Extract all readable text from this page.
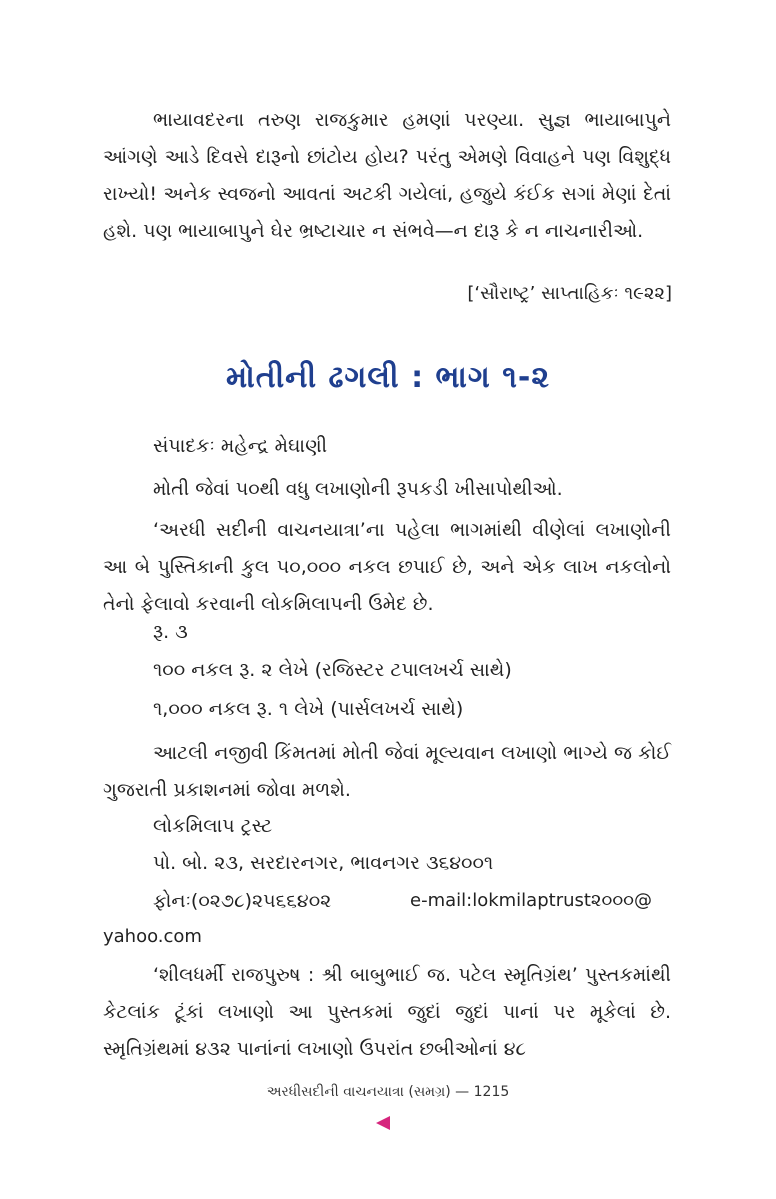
ભાયાવદરના તરુણ રાજકુમાર હમણાં પરણ્યા. સુજ્ઞ ભાયાબાપુને આંગણે આડે દિવસે દારૂનો છાંટોય હોય? પરંતુ એમણે વિવાહને પણ વિશુદ્ધ રાખ્યો! અનેક સ્વજનો આવતાં અટકી ગયેલાં, હજુયે કંઈક સગાં મેણાં દેતાં હશે. પણ ભાયાબાપુને ઘેર ભ્રષ્ટાચાર ન સંભવે—ન દારૂ કે ન નાચનારીઓ.

[‘સૌરાષ્ટ્ર’ સાપ્તાહિકઃ ૧૯૨૨]
મોતીની ઢગલી : ભાગ ૧-૨
સંપાદકઃ મહેન્દ્ર મેઘાણી
મોતી જેવાં ૫૦થી વધુ લખાણોની રૂપકડી ખીસાપોથીઓ.

‘અરધી સદીની વાચનયાત્રા’ના પહેલા ભાગમાંથી વીણેલાં લખાણોની આ બે પુસ્તિકાની કુલ ૫૦,૦૦૦ નકલ છપાઈ છે, અને એક લાખ નકલોનો તેનો ફેલાવો કરવાની લોકમિલાપની ઉમેદ છે.

રૂ. ૩
૧૦૦ નકલ રૂ. ૨ લેખે (રજિસ્ટર ટપાલખર્ચ સાથે)
૧,૦૦૦ નકલ રૂ. ૧ લેખે (પાર્સલખર્ચ સાથે)

આટલી નજીવી કિંમતમાં મોતી જેવાં મૂલ્યવાન લખાણો ભાગ્યે જ કોઈ ગુજરાતી પ્રકાશનમાં જોવા મળશે.

લોકમિલાપ ટ્રસ્ટ
પો. બો. ૨૩, સરદારનગર, ભાવનગર ૩૬૪૦૦૧
ફોનઃ(૦૨૭૮)૨૫૬૬૪૦૨	e-mail:lokmilaptrust૨૦૦૦@
yahoo.com

‘શીલધર્મી રાજપુરુષ : શ્રી બાબુભાઈ જ. પટેલ સ્મૃતિગ્રંથ’ પુસ્તકમાંથી કેટલાંક ટૂંકાં લખાણો આ પુસ્તકમાં જુદાં જુદાં પાનાં પર મૂકેલાં છે. સ્મૃતિગ્રંથમાં ૪૩૨ પાનાંનાં લખાણો ઉપરાંત છબીઓનાં ૪૮

અરધીસદીની વાચનયાત્રા (સમગ્ર) — 1215
